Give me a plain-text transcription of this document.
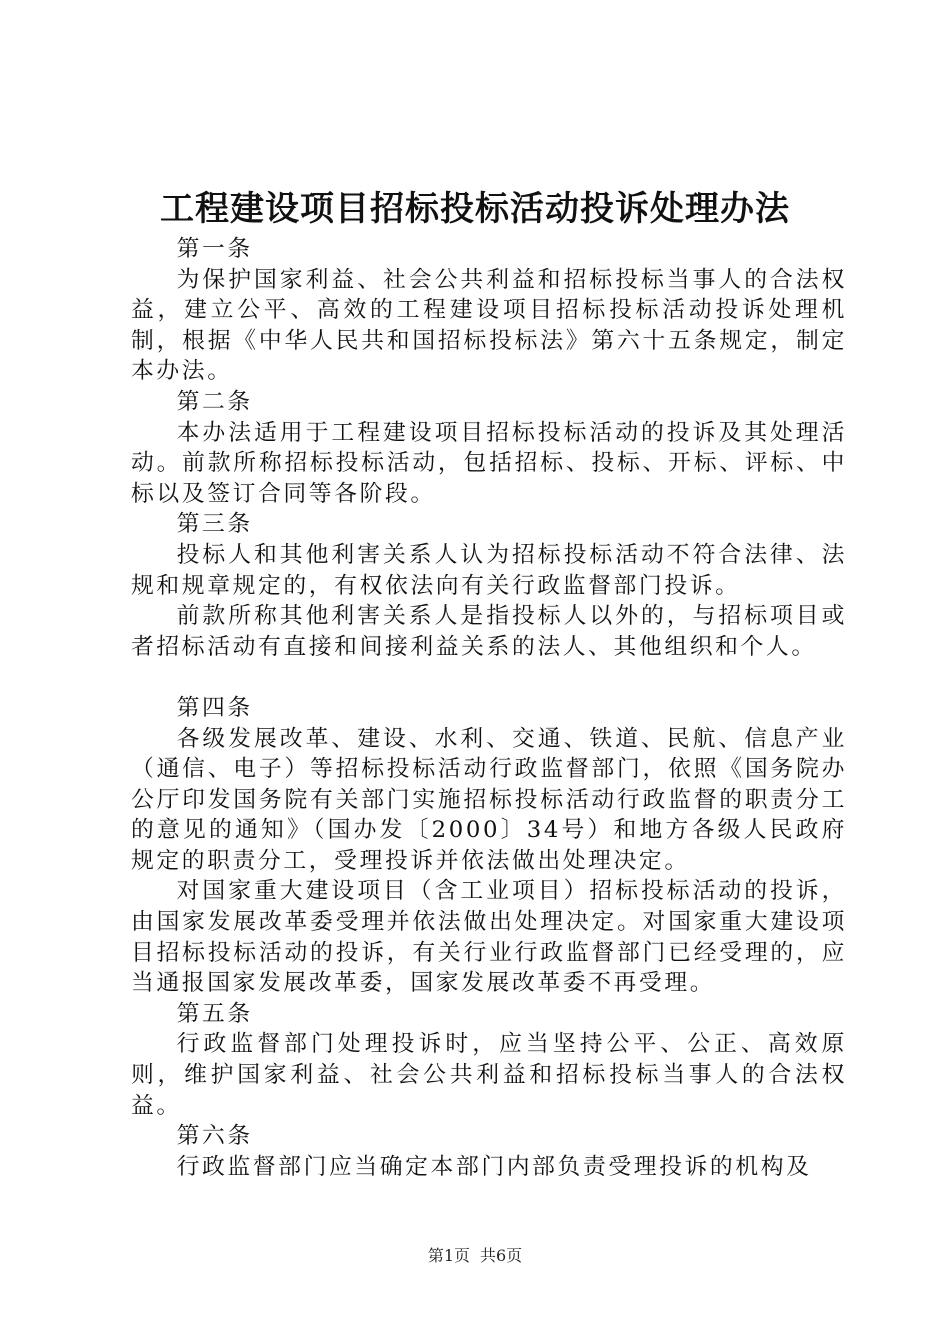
工程建设项目招标投标活动投诉处理办法
第一条

为保护国家利益、社会公共利益和招标投标当事人的合法权益，建立公平、高效的工程建设项目招标投标活动投诉处理机制，根据《中华人民共和国招标投标法》第六十五条规定，制定本办法。

第二条

本办法适用于工程建设项目招标投标活动的投诉及其处理活动。前款所称招标投标活动，包括招标、投标、开标、评标、中标以及签订合同等各阶段。

第三条

投标人和其他利害关系人认为招标投标活动不符合法律、法规和规章规定的，有权依法向有关行政监督部门投诉。

前款所称其他利害关系人是指投标人以外的，与招标项目或者招标活动有直接和间接利益关系的法人、其他组织和个人。

第四条

各级发展改革、建设、水利、交通、铁道、民航、信息产业（通信、电子）等招标投标活动行政监督部门，依照《国务院办公厅印发国务院有关部门实施招标投标活动行政监督的职责分工的意见的通知》（国办发〔2000〕34号）和地方各级人民政府规定的职责分工，受理投诉并依法做出处理决定。

对国家重大建设项目（含工业项目）招标投标活动的投诉，由国家发展改革委受理并依法做出处理决定。对国家重大建设项目招标投标活动的投诉，有关行业行政监督部门已经受理的，应当通报国家发展改革委，国家发展改革委不再受理。

第五条

行政监督部门处理投诉时，应当坚持公平、公正、高效原则，维护国家利益、社会公共利益和招标投标当事人的合法权益。

第六条

行政监督部门应当确定本部门内部负责受理投诉的机构及

第1页 共6页
